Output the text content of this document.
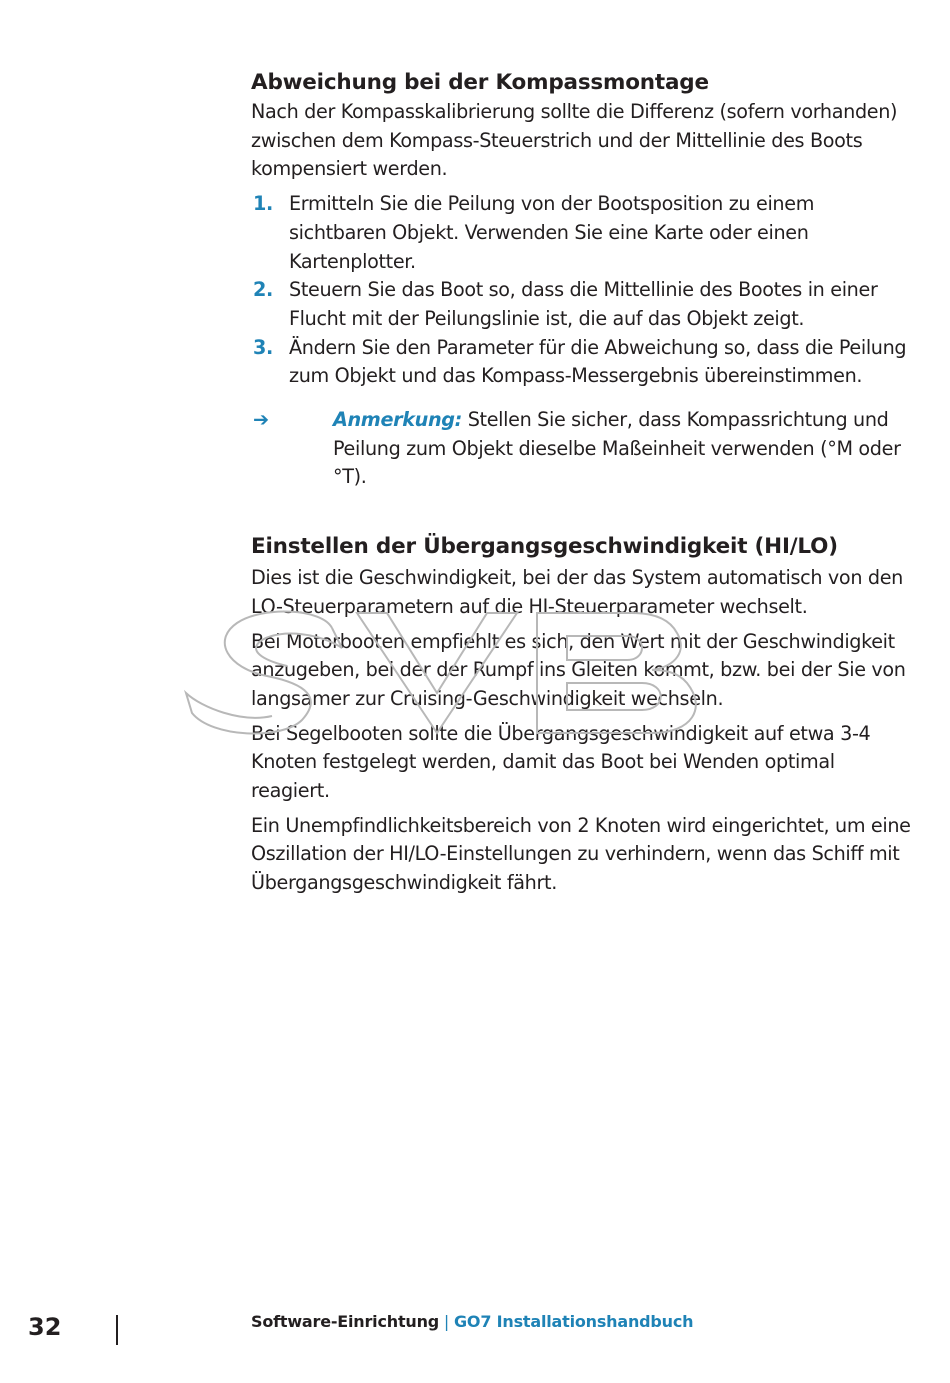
Abweichung bei der Kompassmontage

Nach der Kompasskalibrierung sollte die Differenz (sofern vorhanden) zwischen dem Kompass-Steuerstrich und der Mittellinie des Boots kompensiert werden.

1. Ermitteln Sie die Peilung von der Bootsposition zu einem sichtbaren Objekt. Verwenden Sie eine Karte oder einen Kartenplotter.
2. Steuern Sie das Boot so, dass die Mittellinie des Bootes in einer Flucht mit der Peilungslinie ist, die auf das Objekt zeigt.
3. Ändern Sie den Parameter für die Abweichung so, dass die Peilung zum Objekt und das Kompass-Messergebnis übereinstimmen.
➔	Anmerkung: Stellen Sie sicher, dass Kompassrichtung und Peilung zum Objekt dieselbe Maßeinheit verwenden (°M oder °T).
Einstellen der Übergangsgeschwindigkeit (HI/LO)

Dies ist die Geschwindigkeit, bei der das System automatisch von den LO-Steuerparametern auf die HI-Steuerparameter wechselt.

Bei Motorbooten empfiehlt es sich, den Wert mit der Geschwindigkeit anzugeben, bei der der Rumpf ins Gleiten kommt, bzw. bei der Sie von langsamer zur Cruising-Geschwindigkeit wechseln.

Bei Segelbooten sollte die Übergangsgeschwindigkeit auf etwa 3-4 Knoten festgelegt werden, damit das Boot bei Wenden optimal reagiert.

Ein Unempfindlichkeitsbereich von 2 Knoten wird eingerichtet, um eine Oszillation der HI/LO-Einstellungen zu verhindern, wenn das Schiff mit Übergangsgeschwindigkeit fährt.

32	Software-Einrichtung | GO7 Installationshandbuch
